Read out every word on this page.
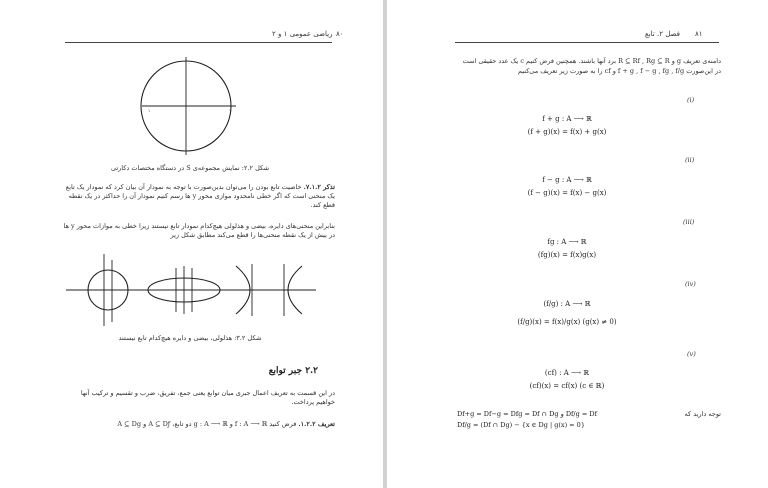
ریاضی عمومی ۱ و ۲ ۸۰
۱	۱
۰
۰
شکل ۲.۲: نمایش مجموعه‌ی S در دستگاه مختصات دکارتی
تذکر ۷.۱.۲. خاصیت تابع بودن را می‌توان بدین‌صورت با توجه به نمودار آن بیان کرد که نمودار یک تابع یک منحنی است که اگر خطی نامحدود موازی محور y ها رسم کنیم نمودار آن را حداکثر در یک نقطه قطع کند.
بنابراین منحنی‌های دایره، بیضی و هذلولی هیچ‌کدام نمودار تابع نیستند زیرا خطی به موازات محور y ها در بیش از یک نقطه منحنی‌ها را قطع می‌کند مطابق شکل زیر
شکل ۳.۲: هذلولی، بیضی و دایره هیچ‌کدام تابع نیستند
۲.۲ جبر توابع
در این قسمت به تعریف اعمال جبری میان توابع یعنی جمع، تفریق، ضرب و تقسیم و ترکیب آنها خواهیم پرداخت.
تعریف ۱.۲.۲. فرض کنید f : A ⟶ ℝ و g : A ⟶ ℝ دو تابع، A ⊆ Dƒ و A ⊆ Dg
فصل ۲. تابع ۸۱
دامنه‌ی تعریف g و R ⊆ Rf , Rg ⊆ R برد آنها باشند. همچنین فرض کنیم c یک عدد حقیقی است
در این‌صورت f + g , f − g , fg , f/g و cf را به صورت زیر تعریف می‌کنیم
(i)
f + g : A ⟶ ℝ
(f + g)(x) = f(x) + g(x)
(ii)
f − g : A ⟶ ℝ
(f − g)(x) = f(x) − g(x)
(iii)
fg : A ⟶ ℝ
(fg)(x) = f(x)g(x)
(iv)
(f/g) : A ⟶ ℝ
(f/g)(x) = f(x)/g(x) (g(x) ≠ 0)
(v)
(cf) : A ⟶ ℝ
(cf)(x) = cf(x) (c ∈ ℝ)
توجه دارید که
Df+g = Df−g = Dfg = Df ∩ Dg و Df/g = Df
Df/g = (Df ∩ Dg) − {x ∈ Dg | g(x) = 0}
